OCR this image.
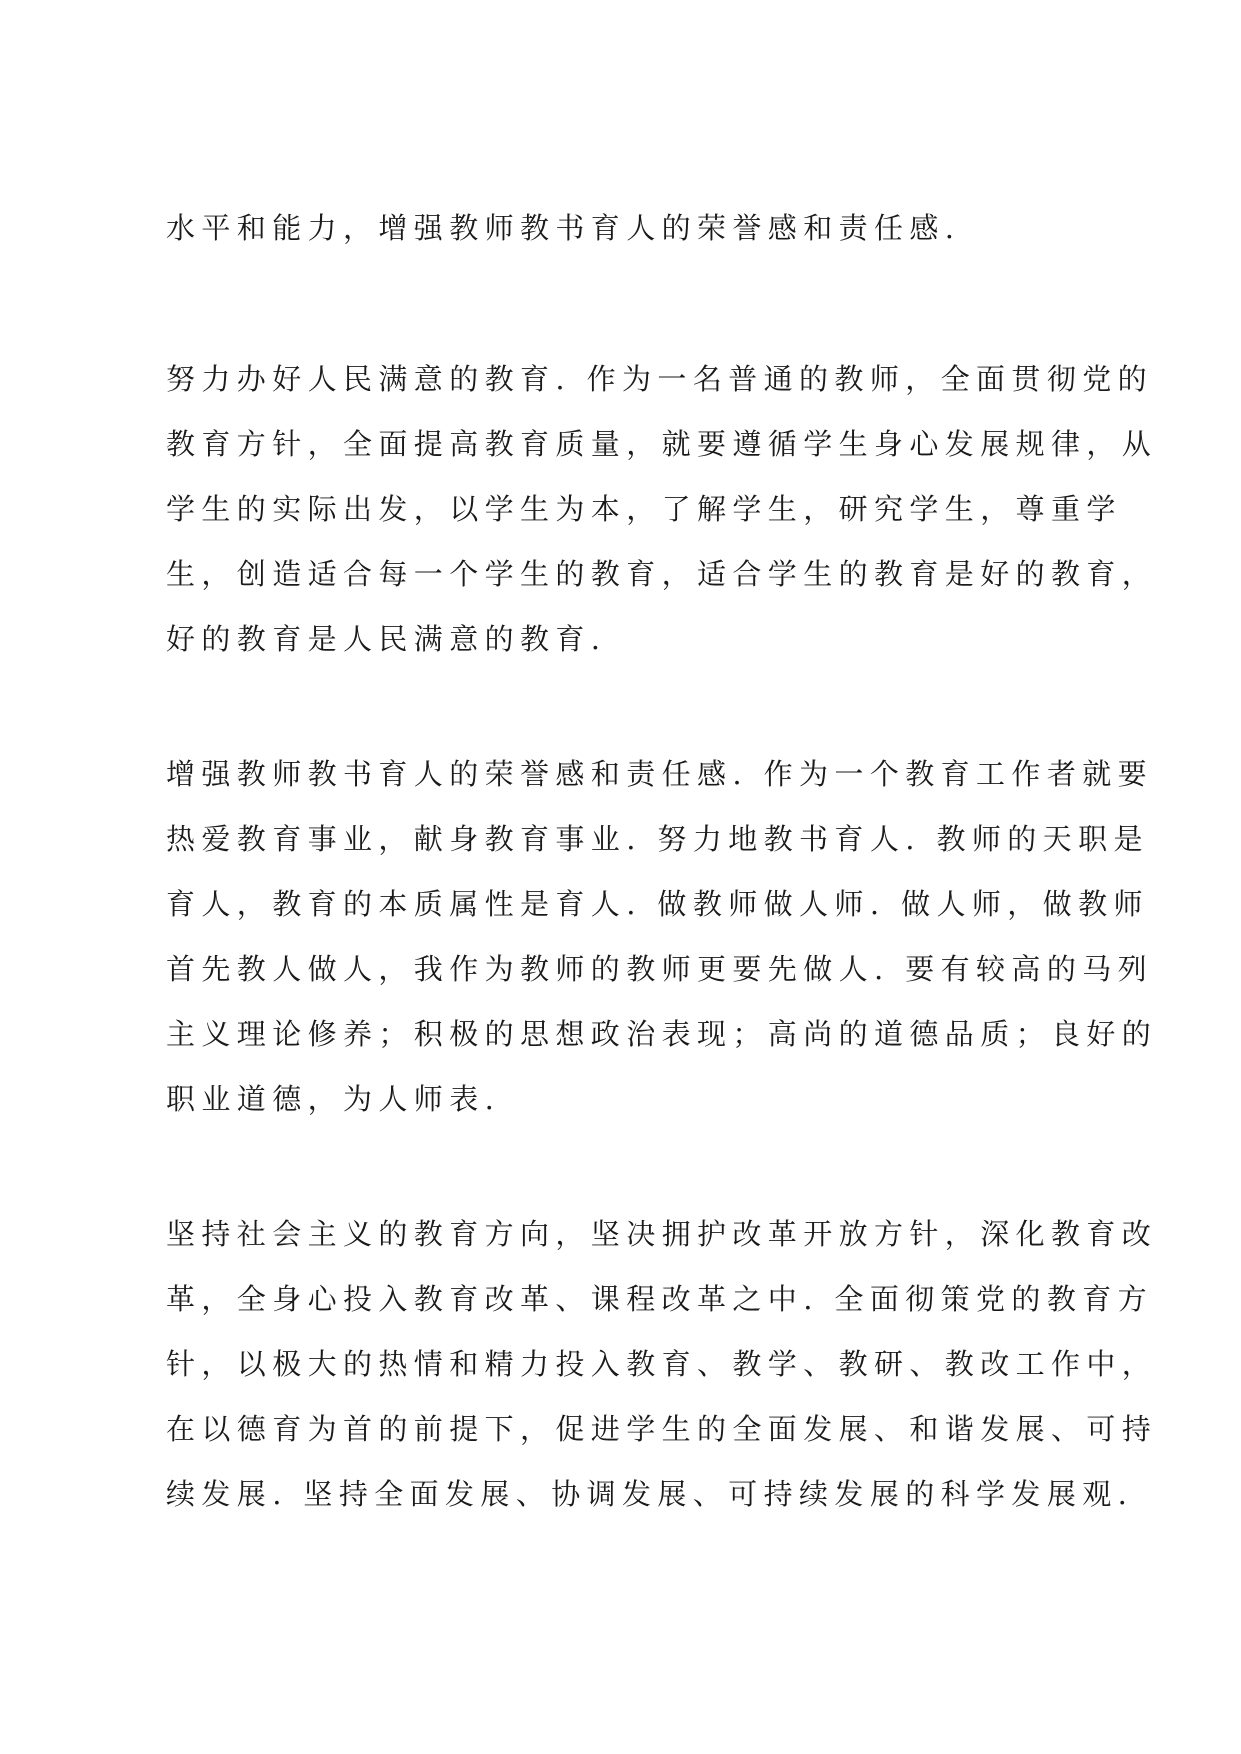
水平和能力，增强教师教书育人的荣誉感和责任感.
努力办好人民满意的教育. 作为一名普通的教师，全面贯彻党的
教育方针，全面提高教育质量，就要遵循学生身心发展规律，从
学生的实际出发，以学生为本，了解学生，研究学生，尊重学
生，创造适合每一个学生的教育，适合学生的教育是好的教育，
好的教育是人民满意的教育.
增强教师教书育人的荣誉感和责任感. 作为一个教育工作者就要
热爱教育事业，献身教育事业. 努力地教书育人. 教师的天职是
育人，教育的本质属性是育人. 做教师做人师. 做人师，做教师
首先教人做人，我作为教师的教师更要先做人. 要有较高的马列
主义理论修养；积极的思想政治表现；高尚的道德品质；良好的
职业道德，为人师表.
坚持社会主义的教育方向，坚决拥护改革开放方针，深化教育改
革，全身心投入教育改革、课程改革之中. 全面彻策党的教育方
针，以极大的热情和精力投入教育、教学、教研、教改工作中，
在以德育为首的前提下，促进学生的全面发展、和谐发展、可持
续发展. 坚持全面发展、协调发展、可持续发展的科学发展观.
